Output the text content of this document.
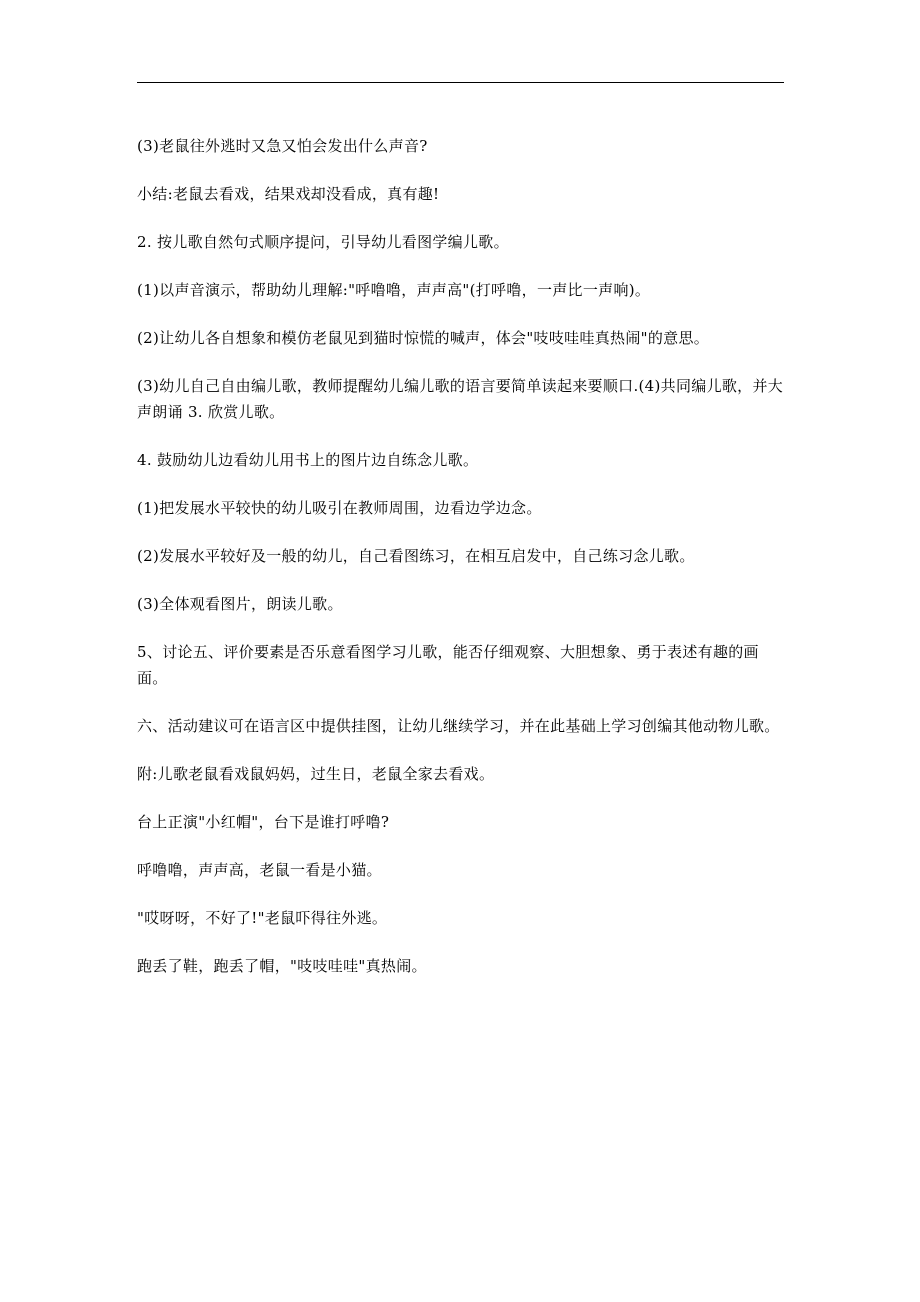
(3)老鼠往外逃时又急又怕会发出什么声音?

小结:老鼠去看戏，结果戏却没看成，真有趣!

2. 按儿歌自然句式顺序提问，引导幼儿看图学编儿歌。

(1)以声音演示，帮助幼儿理解:"呼噜噜，声声高"(打呼噜，一声比一声响)。

(2)让幼儿各自想象和模仿老鼠见到猫时惊慌的喊声，体会"吱吱哇哇真热闹"的意思。

(3)幼儿自己自由编儿歌，教师提醒幼儿编儿歌的语言要简单读起来要顺口.(4)共同编儿歌，并大声朗诵 3. 欣赏儿歌。

4. 鼓励幼儿边看幼儿用书上的图片边自练念儿歌。

(1)把发展水平较快的幼儿吸引在教师周围，边看边学边念。

(2)发展水平较好及一般的幼儿，自己看图练习，在相互启发中，自己练习念儿歌。

(3)全体观看图片，朗读儿歌。

5、讨论五、评价要素是否乐意看图学习儿歌，能否仔细观察、大胆想象、勇于表述有趣的画面。

六、活动建议可在语言区中提供挂图，让幼儿继续学习，并在此基础上学习创编其他动物儿歌。

附:儿歌老鼠看戏鼠妈妈，过生日，老鼠全家去看戏。

台上正演"小红帽"，台下是谁打呼噜?

呼噜噜，声声高，老鼠一看是小猫。

"哎呀呀，不好了!"老鼠吓得往外逃。

跑丢了鞋，跑丢了帽，"吱吱哇哇"真热闹。
